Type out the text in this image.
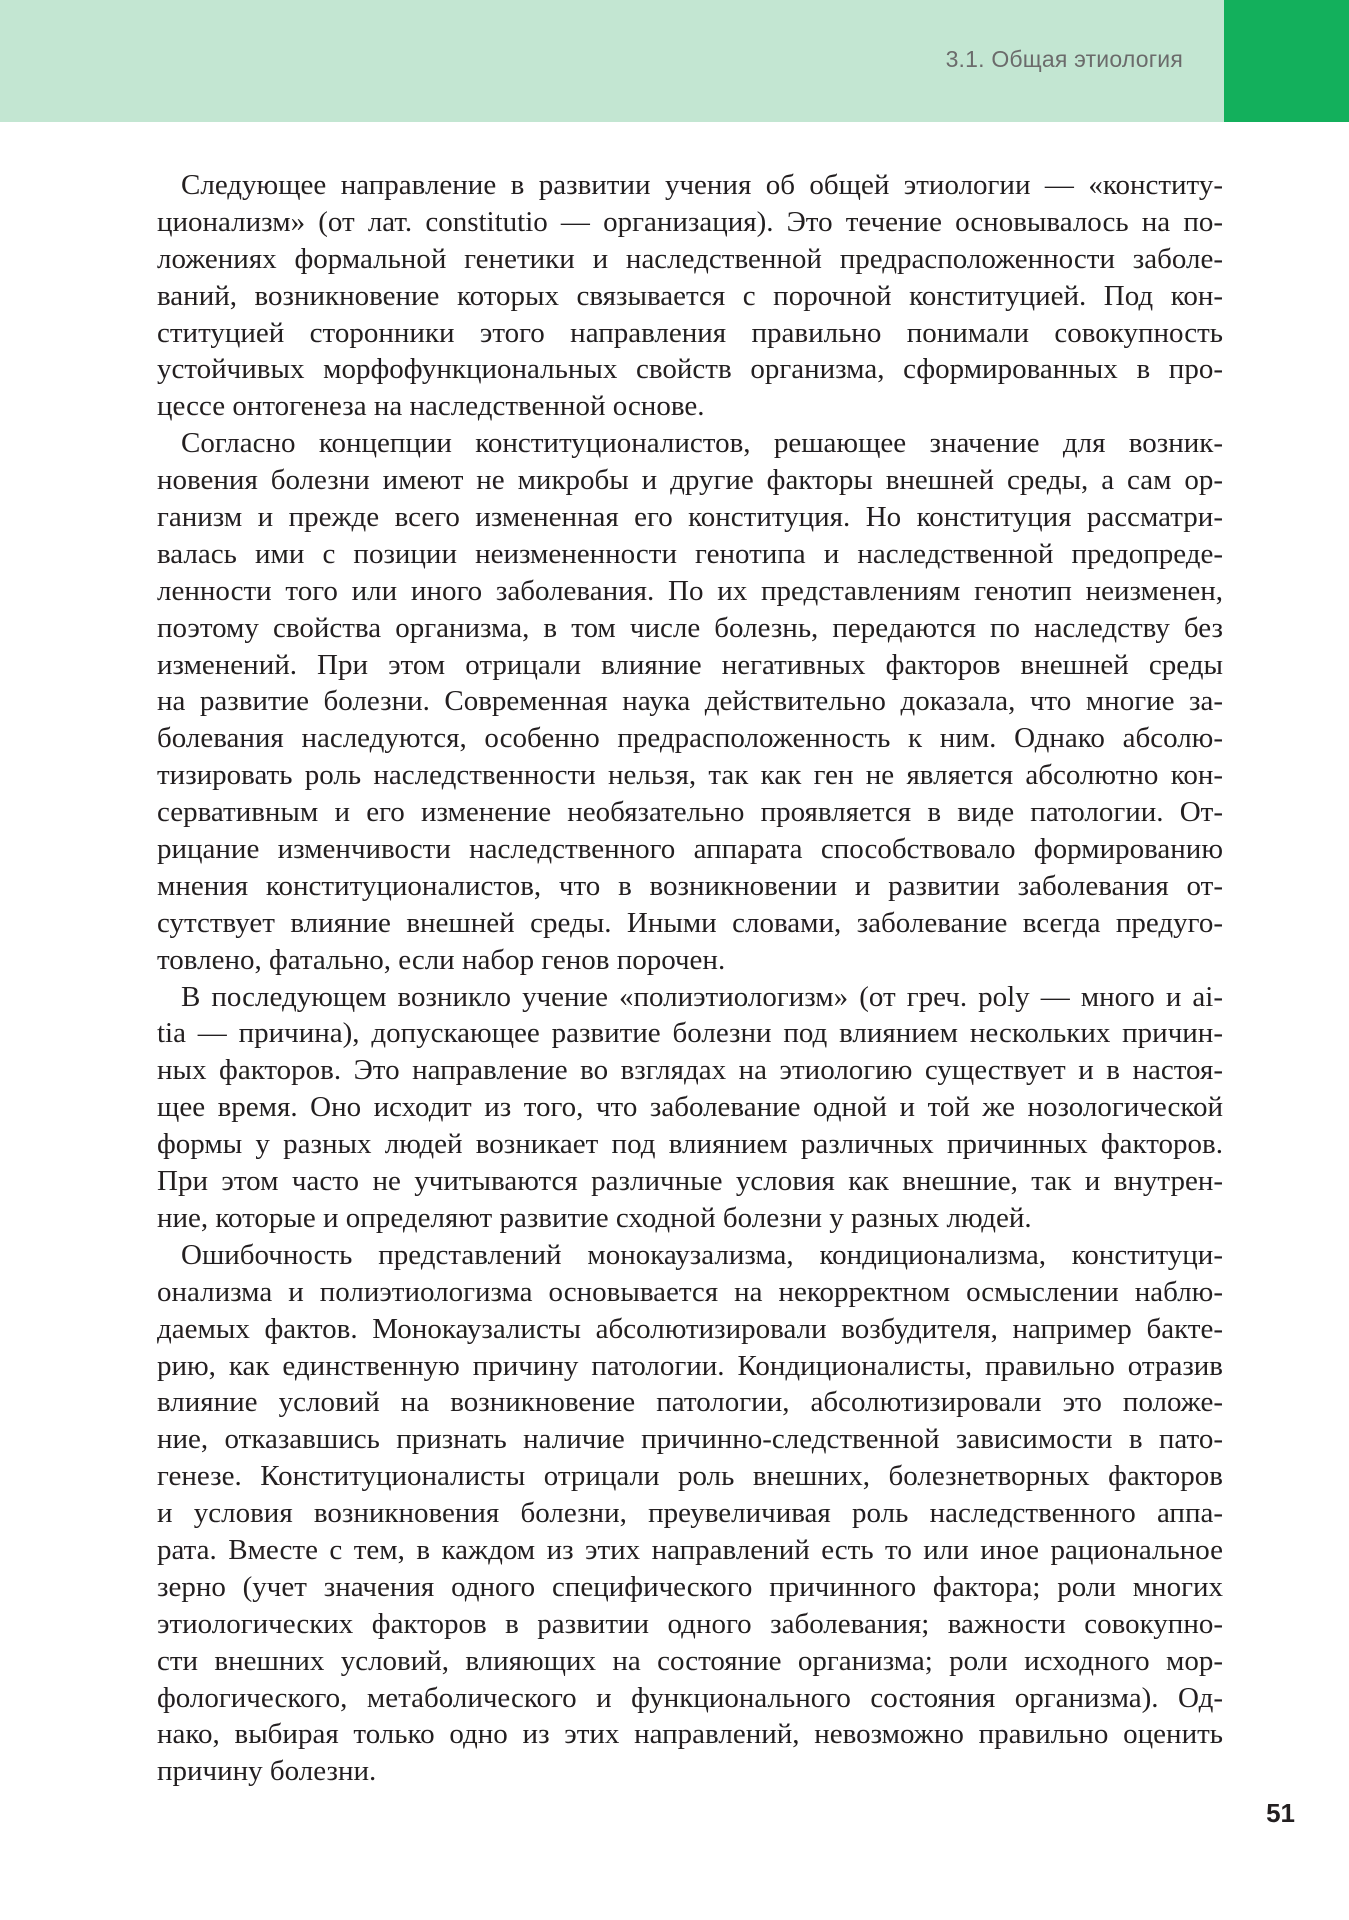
3.1. Общая этиология
Следующее направление в развитии учения об общей этиологии — «конститу-
ционализм» (от лат. constitutio — организация). Это течение основывалось на по-
ложениях формальной генетики и наследственной предрасположенности заболе-
ваний, возникновение которых связывается с порочной конституцией. Под кон-
ституцией сторонники этого направления правильно понимали совокупность
устойчивых морфофункциональных свойств организма, сформированных в про-
цессе онтогенеза на наследственной основе.
Согласно концепции конституционалистов, решающее значение для возник-
новения болезни имеют не микробы и другие факторы внешней среды, а сам ор-
ганизм и прежде всего измененная его конституция. Но конституция рассматри-
валась ими с позиции неизмененности генотипа и наследственной предопреде-
ленности того или иного заболевания. По их представлениям генотип неизменен,
поэтому свойства организма, в том числе болезнь, передаются по наследству без
изменений. При этом отрицали влияние негативных факторов внешней среды
на развитие болезни. Современная наука действительно доказала, что многие за-
болевания наследуются, особенно предрасположенность к ним. Однако абсолю-
тизировать роль наследственности нельзя, так как ген не является абсолютно кон-
сервативным и его изменение необязательно проявляется в виде патологии. От-
рицание изменчивости наследственного аппарата способствовало формированию
мнения конституционалистов, что в возникновении и развитии заболевания от-
сутствует влияние внешней среды. Иными словами, заболевание всегда предуго-
товлено, фатально, если набор генов порочен.
В последующем возникло учение «полиэтиологизм» (от греч. poly — много и ai-
tia — причина), допускающее развитие болезни под влиянием нескольких причин-
ных факторов. Это направление во взглядах на этиологию существует и в настоя-
щее время. Оно исходит из того, что заболевание одной и той же нозологической
формы у разных людей возникает под влиянием различных причинных факторов.
При этом часто не учитываются различные условия как внешние, так и внутрен-
ние, которые и определяют развитие сходной болезни у разных людей.
Ошибочность представлений монокаузализма, кондиционализма, конституци-
онализма и полиэтиологизма основывается на некорректном осмыслении наблю-
даемых фактов. Монокаузалисты абсолютизировали возбудителя, например бакте-
рию, как единственную причину патологии. Кондиционалисты, правильно отразив
влияние условий на возникновение патологии, абсолютизировали это положе-
ние, отказавшись признать наличие причинно-следственной зависимости в пато-
генезе. Конституционалисты отрицали роль внешних, болезнетворных факторов
и условия возникновения болезни, преувеличивая роль наследственного аппа-
рата. Вместе с тем, в каждом из этих направлений есть то или иное рациональное
зерно (учет значения одного специфического причинного фактора; роли многих
этиологических факторов в развитии одного заболевания; важности совокупно-
сти внешних условий, влияющих на состояние организма; роли исходного мор-
фологического, метаболического и функционального состояния организма). Од-
нако, выбирая только одно из этих направлений, невозможно правильно оценить
причину болезни.
51
